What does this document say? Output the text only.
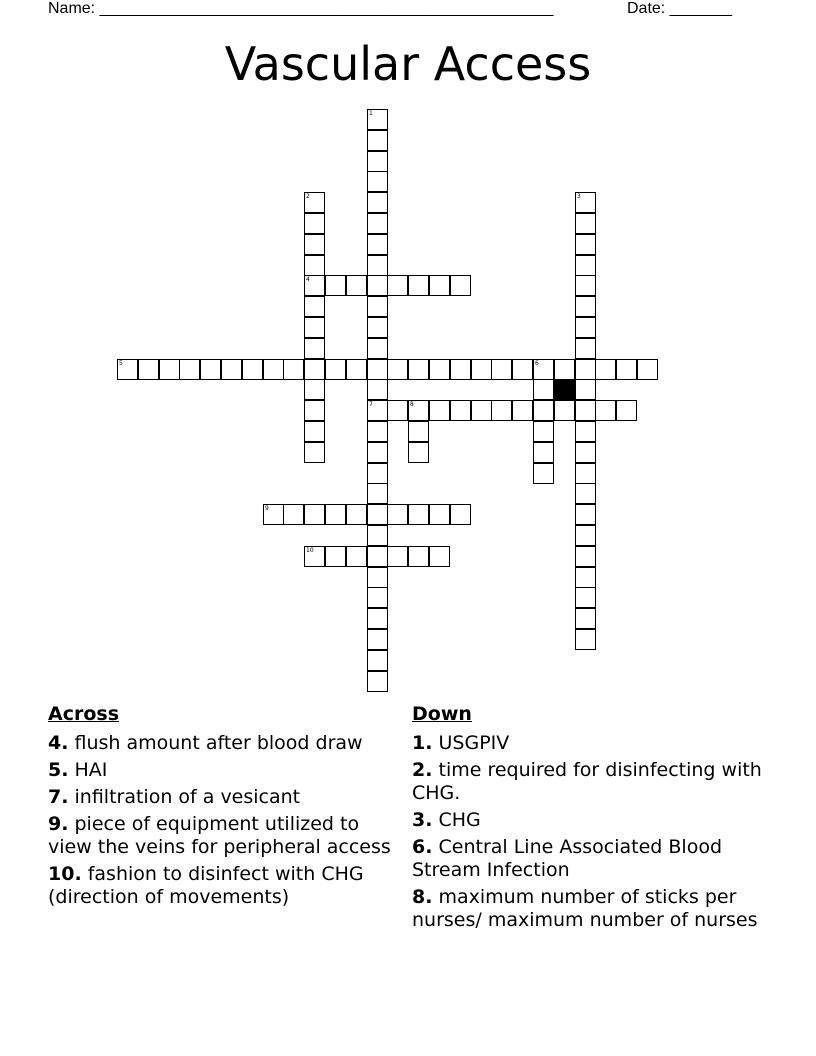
Name: ___________________________________________________	Date: _______
Vascular Access
1
7
2
4
3
5	6
8
9
10
Across
4. flush amount after blood draw
5. HAI
7. infiltration of a vesicant
9. piece of equipment utilized to view the veins for peripheral access
10. fashion to disinfect with CHG (direction of movements)
Down
1. USGPIV
2. time required for disinfecting with CHG.
3. CHG
6. Central Line Associated Blood Stream Infection
8. maximum number of sticks per nurses/ maximum number of nurses
